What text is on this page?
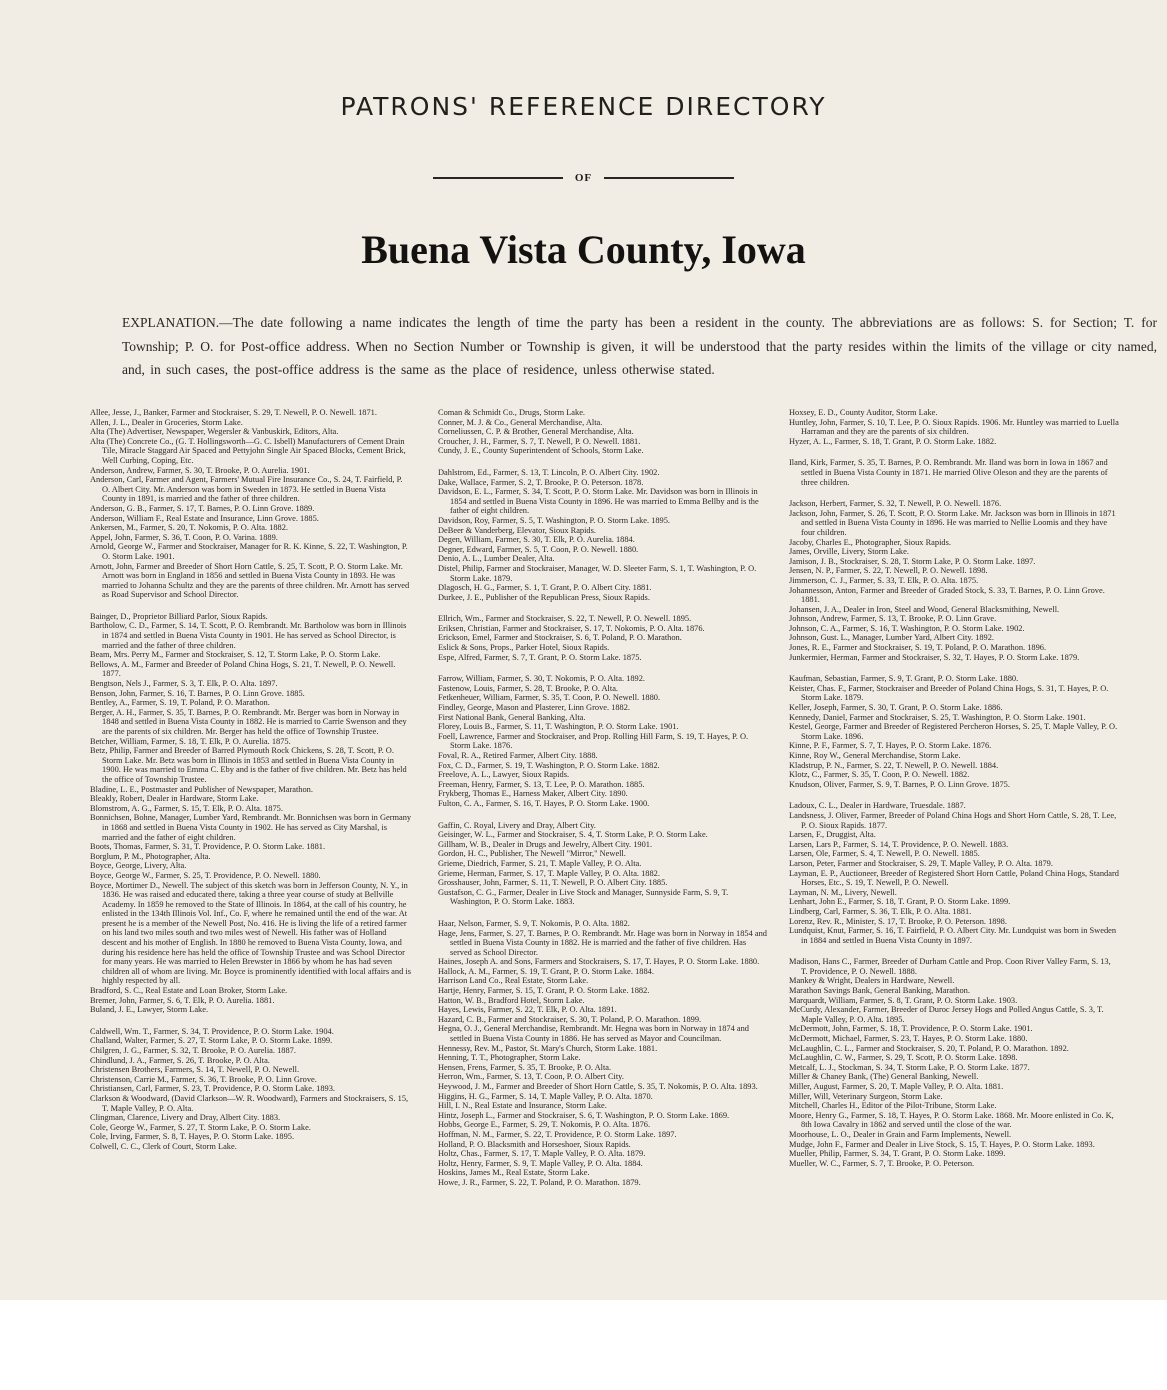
PATRONS' REFERENCE DIRECTORY
OF
Buena Vista County, Iowa
EXPLANATION.—The date following a name indicates the length of time the party has been a resident in the county. The abbreviations are as follows: S. for Section; T. for Township; P. O. for Post-office address. When no Section Number or Township is given, it will be understood that the party resides within the limits of the village or city named, and, in such cases, the post-office address is the same as the place of residence, unless otherwise stated.

Allee, Jesse, J., Banker, Farmer and Stockraiser, S. 29, T. Newell, P. O. Newell. 1871.

Allen, J. L., Dealer in Groceries, Storm Lake.

Alta (The) Advertiser, Newspaper, Wegersler & Vanbuskirk, Editors, Alta.

Alta (The) Concrete Co., (G. T. Hollingsworth—G. C. Isbell) Manufacturers of Cement Drain Tile, Miracle Staggard Air Spaced and Pettyjohn Single Air Spaced Blocks, Cement Brick, Well Curbing, Coping, Etc.

Anderson, Andrew, Farmer, S. 30, T. Brooke, P. O. Aurelia. 1901.

Anderson, Carl, Farmer and Agent, Farmers' Mutual Fire Insurance Co., S. 24, T. Fairfield, P. O. Albert City. Mr. Anderson was born in Sweden in 1873. He settled in Buena Vista County in 1891, is married and the father of three children.

Anderson, G. B., Farmer, S. 17, T. Barnes, P. O. Linn Grove. 1889.

Anderson, William F., Real Estate and Insurance, Linn Grove. 1885.

Ankersen, M., Farmer, S. 20, T. Nokomis, P. O. Alta. 1882.

Appel, John, Farmer, S. 36, T. Coon, P. O. Varina. 1889.

Arnold, George W., Farmer and Stockraiser, Manager for R. K. Kinne, S. 22, T. Washington, P. O. Storm Lake. 1901.

Arnott, John, Farmer and Breeder of Short Horn Cattle, S. 25, T. Scott, P. O. Storm Lake. Mr. Arnott was born in England in 1856 and settled in Buena Vista County in 1893. He was married to Johanna Schultz and they are the parents of three children. Mr. Arnott has served as Road Supervisor and School Director.

Bainger, D., Proprietor Billiard Parlor, Sioux Rapids.

Bartholow, C. D., Farmer, S. 14, T. Scott, P. O. Rembrandt. Mr. Bartholow was born in Illinois in 1874 and settled in Buena Vista County in 1901. He has served as School Director, is married and the father of three children.

Beam, Mrs. Perry M., Farmer and Stockraiser, S. 12, T. Storm Lake, P. O. Storm Lake.

Bellows, A. M., Farmer and Breeder of Poland China Hogs, S. 21, T. Newell, P. O. Newell. 1877.

Bengtson, Nels J., Farmer, S. 3, T. Elk, P. O. Alta. 1897.

Benson, John, Farmer, S. 16, T. Barnes, P. O. Linn Grove. 1885.

Bentley, A., Farmer, S. 19, T. Poland, P. O. Marathon.

Berger, A. H., Farmer, S. 35, T. Barnes, P. O. Rembrandt. Mr. Berger was born in Norway in 1848 and settled in Buena Vista County in 1882. He is married to Carrie Swenson and they are the parents of six children. Mr. Berger has held the office of Township Trustee.

Betcher, William, Farmer, S. 18, T. Elk, P. O. Aurelia. 1875.

Betz, Philip, Farmer and Breeder of Barred Plymouth Rock Chickens, S. 28, T. Scott, P. O. Storm Lake. Mr. Betz was born in Illinois in 1853 and settled in Buena Vista County in 1900. He was married to Emma C. Eby and is the father of five children. Mr. Betz has held the office of Township Trustee.

Bladine, L. E., Postmaster and Publisher of Newspaper, Marathon.

Bleakly, Robert, Dealer in Hardware, Storm Lake.

Blomstrom, A. G., Farmer, S. 15, T. Elk, P. O. Alta. 1875.

Bonnichsen, Bohne, Manager, Lumber Yard, Rembrandt. Mr. Bonnichsen was born in Germany in 1868 and settled in Buena Vista County in 1902. He has served as City Marshal, is married and the father of eight children.

Boots, Thomas, Farmer, S. 31, T. Providence, P. O. Storm Lake. 1881.

Borglum, P. M., Photographer, Alta.

Boyce, George, Livery, Alta.

Boyce, George W., Farmer, S. 25, T. Providence, P. O. Newell. 1880.

Boyce, Mortimer D., Newell. The subject of this sketch was born in Jefferson County, N. Y., in 1836. He was raised and educated there, taking a three year course of study at Bellville Academy. In 1859 he removed to the State of Illinois. In 1864, at the call of his country, he enlisted in the 134th Illinois Vol. Inf., Co. F, where he remained until the end of the war. At present he is a member of the Newell Post, No. 416. He is living the life of a retired farmer on his land two miles south and two miles west of Newell. His father was of Holland descent and his mother of English. In 1880 he removed to Buena Vista County, Iowa, and during his residence here has held the office of Township Trustee and was School Director for many years. He was married to Helen Brewster in 1866 by whom he has had seven children all of whom are living. Mr. Boyce is prominently identified with local affairs and is highly respected by all.

Bradford, S. C., Real Estate and Loan Broker, Storm Lake.

Bremer, John, Farmer, S. 6, T. Elk, P. O. Aurelia. 1881.

Buland, J. E., Lawyer, Storm Lake.

Caldwell, Wm. T., Farmer, S. 34, T. Providence, P. O. Storm Lake. 1904.

Challand, Walter, Farmer, S. 27, T. Storm Lake, P. O. Storm Lake. 1899.

Chilgren, J. G., Farmer, S. 32, T. Brooke, P. O. Aurelia. 1887.

Chindlund, J. A., Farmer, S. 26, T. Brooke, P. O. Alta.

Christensen Brothers, Farmers, S. 14, T. Newell, P. O. Newell.

Christenson, Carrie M., Farmer, S. 36, T. Brooke, P. O. Linn Grove.

Christiansen, Carl, Farmer, S. 23, T. Providence, P. O. Storm Lake. 1893.

Clarkson & Woodward, (David Clarkson—W. R. Woodward), Farmers and Stockraisers, S. 15, T. Maple Valley, P. O. Alta.

Clingman, Clarence, Livery and Dray, Albert City. 1883.

Cole, George W., Farmer, S. 27, T. Storm Lake, P. O. Storm Lake.

Cole, Irving, Farmer, S. 8, T. Hayes, P. O. Storm Lake. 1895.

Colwell, C. C., Clerk of Court, Storm Lake.

Coman & Schmidt Co., Drugs, Storm Lake.

Conner, M. J. & Co., General Merchandise, Alta.

Corneliussen, C. P. & Brother, General Merchandise, Alta.

Croucher, J. H., Farmer, S. 7, T. Newell, P. O. Newell. 1881.

Cundy, J. E., County Superintendent of Schools, Storm Lake.

Dahlstrom, Ed., Farmer, S. 13, T. Lincoln, P. O. Albert City. 1902.

Dake, Wallace, Farmer, S. 2, T. Brooke, P. O. Peterson. 1878.

Davidson, E. L., Farmer, S. 34, T. Scott, P. O. Storm Lake. Mr. Davidson was born in Illinois in 1854 and settled in Buena Vista County in 1896. He was married to Emma Bellby and is the father of eight children.

Davidson, Roy, Farmer, S. 5, T. Washington, P. O. Storm Lake. 1895.

DeBeer & Vanderberg, Elevator, Sioux Rapids.

Degen, William, Farmer, S. 30, T. Elk, P. O. Aurelia. 1884.

Degner, Edward, Farmer, S. 5, T. Coon, P. O. Newell. 1880.

Denio, A. L., Lumber Dealer, Alta.

Distel, Philip, Farmer and Stockraiser, Manager, W. D. Sleeter Farm, S. 1, T. Washington, P. O. Storm Lake. 1879.

Dlagosch, H. G., Farmer, S. 1, T. Grant, P. O. Albert City. 1881.

Durkee, J. E., Publisher of the Republican Press, Sioux Rapids.

Ellrich, Wm., Farmer and Stockraiser, S. 22, T. Newell, P. O. Newell. 1895.

Eriksen, Christian, Farmer and Stockraiser, S. 17, T. Nokomis, P. O. Alta. 1876.

Erickson, Emel, Farmer and Stockraiser, S. 6, T. Poland, P. O. Marathon.

Eslick & Sons, Props., Parker Hotel, Sioux Rapids.

Espe, Alfred, Farmer, S. 7, T. Grant, P. O. Storm Lake. 1875.

Farrow, William, Farmer, S. 30, T. Nokomis, P. O. Alta. 1892.

Fastenow, Louis, Farmer, S. 28, T. Brooke, P. O. Alta.

Fetkenheuer, William, Farmer, S. 35, T. Coon, P. O. Newell. 1880.

Findley, George, Mason and Plasterer, Linn Grove. 1882.

First National Bank, General Banking, Alta.

Florey, Louis B., Farmer, S. 11, T. Washington, P. O. Storm Lake. 1901.

Foell, Lawrence, Farmer and Stockraiser, and Prop. Rolling Hill Farm, S. 19, T. Hayes, P. O. Storm Lake. 1876.

Foval, R. A., Retired Farmer, Albert City. 1888.

Fox, C. D., Farmer, S. 19, T. Washington, P. O. Storm Lake. 1882.

Freelove, A. L., Lawyer, Sioux Rapids.

Freeman, Henry, Farmer, S. 13, T. Lee, P. O. Marathon. 1885.

Frykberg, Thomas E., Harness Maker, Albert City. 1890.

Fulton, C. A., Farmer, S. 16, T. Hayes, P. O. Storm Lake. 1900.

Gaffin, C. Royal, Livery and Dray, Albert City.

Geisinger, W. L., Farmer and Stockraiser, S. 4, T. Storm Lake, P. O. Storm Lake.

Gillham, W. B., Dealer in Drugs and Jewelry, Albert City. 1901.

Gordon, H. C., Publisher, The Newell "Mirror," Newell.

Grieme, Diedrich, Farmer, S. 21, T. Maple Valley, P. O. Alta.

Grieme, Herman, Farmer, S. 17, T. Maple Valley, P. O. Alta. 1882.

Grosshauser, John, Farmer, S. 11, T. Newell, P. O. Albert City. 1885.

Gustafson, C. G., Farmer, Dealer in Live Stock and Manager, Sunnyside Farm, S. 9, T. Washington, P. O. Storm Lake. 1883.

Haar, Nelson, Farmer, S. 9, T. Nokomis, P. O. Alta. 1882.

Hage, Jens, Farmer, S. 27, T. Barnes, P. O. Rembrandt. Mr. Hage was born in Norway in 1854 and settled in Buena Vista County in 1882. He is married and the father of five children. Has served as School Director.

Haines, Joseph A. and Sons, Farmers and Stockraisers, S. 17, T. Hayes, P. O. Storm Lake. 1880.

Hallock, A. M., Farmer, S. 19, T. Grant, P. O. Storm Lake. 1884.

Harrison Land Co., Real Estate, Storm Lake.

Hartje, Henry, Farmer, S. 15, T. Grant, P. O. Storm Lake. 1882.

Hatton, W. B., Bradford Hotel, Storm Lake.

Hayes, Lewis, Farmer, S. 22, T. Elk, P. O. Alta. 1891.

Hazard, C. B., Farmer and Stockraiser, S. 30, T. Poland, P. O. Marathon. 1899.

Hegna, O. J., General Merchandise, Rembrandt. Mr. Hegna was born in Norway in 1874 and settled in Buena Vista County in 1886. He has served as Mayor and Councilman.

Hennessy, Rev. M., Pastor, St. Mary's Church, Storm Lake. 1881.

Henning, T. T., Photographer, Storm Lake.

Hensen, Frens, Farmer, S. 35, T. Brooke, P. O. Alta.

Herron, Wm., Farmer, S. 13, T. Coon, P. O. Albert City.

Heywood, J. M., Farmer and Breeder of Short Horn Cattle, S. 35, T. Nokomis, P. O. Alta. 1893.

Higgins, H. G., Farmer, S. 14, T. Maple Valley, P. O. Alta. 1870.

Hill, I. N., Real Estate and Insurance, Storm Lake.

Hintz, Joseph L., Farmer and Stockraiser, S. 6, T. Washington, P. O. Storm Lake. 1869.

Hobbs, George E., Farmer, S. 29, T. Nokomis, P. O. Alta. 1876.

Hoffman, N. M., Farmer, S. 22, T. Providence, P. O. Storm Lake. 1897.

Holland, P. O. Blacksmith and Horseshoer, Sioux Rapids.

Holtz, Chas., Farmer, S. 17, T. Maple Valley, P. O. Alta. 1879.

Holtz, Henry, Farmer, S. 9, T. Maple Valley, P. O. Alta. 1884.

Hoskins, James M., Real Estate, Storm Lake.

Howe, J. R., Farmer, S. 22, T. Poland, P. O. Marathon. 1879.

Hoxsey, E. D., County Auditor, Storm Lake.

Huntley, John, Farmer, S. 10, T. Lee, P. O. Sioux Rapids. 1906. Mr. Huntley was married to Luella Harraman and they are the parents of six children.

Hyzer, A. L., Farmer, S. 18, T. Grant, P. O. Storm Lake. 1882.

Iland, Kirk, Farmer, S. 35, T. Barnes, P. O. Rembrandt. Mr. Iland was born in Iowa in 1867 and settled in Buena Vista County in 1871. He married Olive Oleson and they are the parents of three children.

Jackson, Herbert, Farmer, S. 32, T. Newell, P. O. Newell. 1876.

Jackson, John, Farmer, S. 26, T. Scott, P. O. Storm Lake. Mr. Jackson was born in Illinois in 1871 and settled in Buena Vista County in 1896. He was married to Nellie Loomis and they have four children.

Jacoby, Charles E., Photographer, Sioux Rapids.

James, Orville, Livery, Storm Lake.

Jamison, J. B., Stockraiser, S. 28, T. Storm Lake, P. O. Storm Lake. 1897.

Jensen, N. P., Farmer, S. 22, T. Newell, P. O. Newell. 1898.

Jimmerson, C. J., Farmer, S. 33, T. Elk, P. O. Alta. 1875.

Johannesson, Anton, Farmer and Breeder of Graded Stock, S. 33, T. Barnes, P. O. Linn Grove. 1881.

Johansen, J. A., Dealer in Iron, Steel and Wood, General Blacksmithing, Newell.

Johnson, Andrew, Farmer, S. 13, T. Brooke, P. O. Linn Grave.

Johnson, C. A., Farmer, S. 16, T. Washington, P. O. Storm Lake. 1902.

Johnson, Gust. L., Manager, Lumber Yard, Albert City. 1892.

Jones, R. E., Farmer and Stockraiser, S. 19, T. Poland, P. O. Marathon. 1896.

Junkermier, Herman, Farmer and Stockraiser, S. 32, T. Hayes, P. O. Storm Lake. 1879.

Kaufman, Sebastian, Farmer, S. 9, T. Grant, P. O. Storm Lake. 1880.

Keister, Chas. F., Farmer, Stockraiser and Breeder of Poland China Hogs, S. 31, T. Hayes, P. O. Storm Lake. 1879.

Keller, Joseph, Farmer, S. 30, T. Grant, P. O. Storm Lake. 1886.

Kennedy, Daniel, Farmer and Stockraiser, S. 25, T. Washington, P. O. Storm Lake. 1901.

Kestel, George, Farmer and Breeder of Registered Percheron Horses, S. 25, T. Maple Valley, P. O. Storm Lake. 1896.

Kinne, P. F., Farmer, S. 7, T. Hayes, P. O. Storm Lake. 1876.

Kinne, Roy W., General Merchandise, Storm Lake.

Kladstrup, P. N., Farmer, S. 22, T. Newell, P. O. Newell. 1884.

Klotz, C., Farmer, S. 35, T. Coon, P. O. Newell. 1882.

Knudson, Oliver, Farmer, S. 9, T. Barnes, P. O. Linn Grove. 1875.

Ladoux, C. L., Dealer in Hardware, Truesdale. 1887.

Landsness, J. Oliver, Farmer, Breeder of Poland China Hogs and Short Horn Cattle, S. 28, T. Lee, P. O. Sioux Rapids. 1877.

Larsen, F., Druggist, Alta.

Larsen, Lars P., Farmer, S. 14, T. Providence, P. O. Newell. 1883.

Larsen, Ole, Farmer, S. 4, T. Newell, P. O. Newell. 1885.

Larson, Peter, Farmer and Stockraiser, S. 29, T. Maple Valley, P. O. Alta. 1879.

Layman, E. P., Auctioneer, Breeder of Registered Short Horn Cattle, Poland China Hogs, Standard Horses, Etc., S. 19, T. Newell, P. O. Newell.

Layman, N. M., Livery, Newell.

Lenhart, John E., Farmer, S. 18, T. Grant, P. O. Storm Lake. 1899.

Lindberg, Carl, Farmer, S. 36, T. Elk, P. O. Alta. 1881.

Lorenz, Rev. R., Minister, S. 17, T. Brooke, P. O. Peterson. 1898.

Lundquist, Knut, Farmer, S. 16, T. Fairfield, P. O. Albert City. Mr. Lundquist was born in Sweden in 1884 and settled in Buena Vista County in 1897.

Madison, Hans C., Farmer, Breeder of Durham Cattle and Prop. Coon River Valley Farm, S. 13, T. Providence, P. O. Newell. 1888.

Mankey & Wright, Dealers in Hardware, Newell.

Marathon Savings Bank, General Banking, Marathon.

Marquardt, William, Farmer, S. 8, T. Grant, P. O. Storm Lake. 1903.

McCurdy, Alexander, Farmer, Breeder of Duroc Jersey Hogs and Polled Angus Cattle, S. 3, T. Maple Valley, P. O. Alta. 1895.

McDermott, John, Farmer, S. 18, T. Providence, P. O. Storm Lake. 1901.

McDermott, Michael, Farmer, S. 23, T. Hayes, P. O. Storm Lake. 1880.

McLaughlin, C. L., Farmer and Stockraiser, S. 20, T. Poland, P. O. Marathon. 1892.

McLaughlin, C. W., Farmer, S. 29, T. Scott, P. O. Storm Lake. 1898.

Metcalf, L. J., Stockman, S. 34, T. Storm Lake, P. O. Storm Lake. 1877.

Miller & Chaney Bank, (The) General Banking, Newell.

Miller, August, Farmer, S. 20, T. Maple Valley, P. O. Alta. 1881.

Miller, Will, Veterinary Surgeon, Storm Lake.

Mitchell, Charles H., Editor of the Pilot-Tribune, Storm Lake.

Moore, Henry G., Farmer, S. 18, T. Hayes, P. O. Storm Lake. 1868. Mr. Moore enlisted in Co. K, 8th Iowa Cavalry in 1862 and served until the close of the war.

Moorhouse, L. O., Dealer in Grain and Farm Implements, Newell.

Mudge, John F., Farmer and Dealer in Live Stock, S. 15, T. Hayes, P. O. Storm Lake. 1893.

Mueller, Philip, Farmer, S. 34, T. Grant, P. O. Storm Lake. 1899.

Mueller, W. C., Farmer, S. 7, T. Brooke, P. O. Peterson.
